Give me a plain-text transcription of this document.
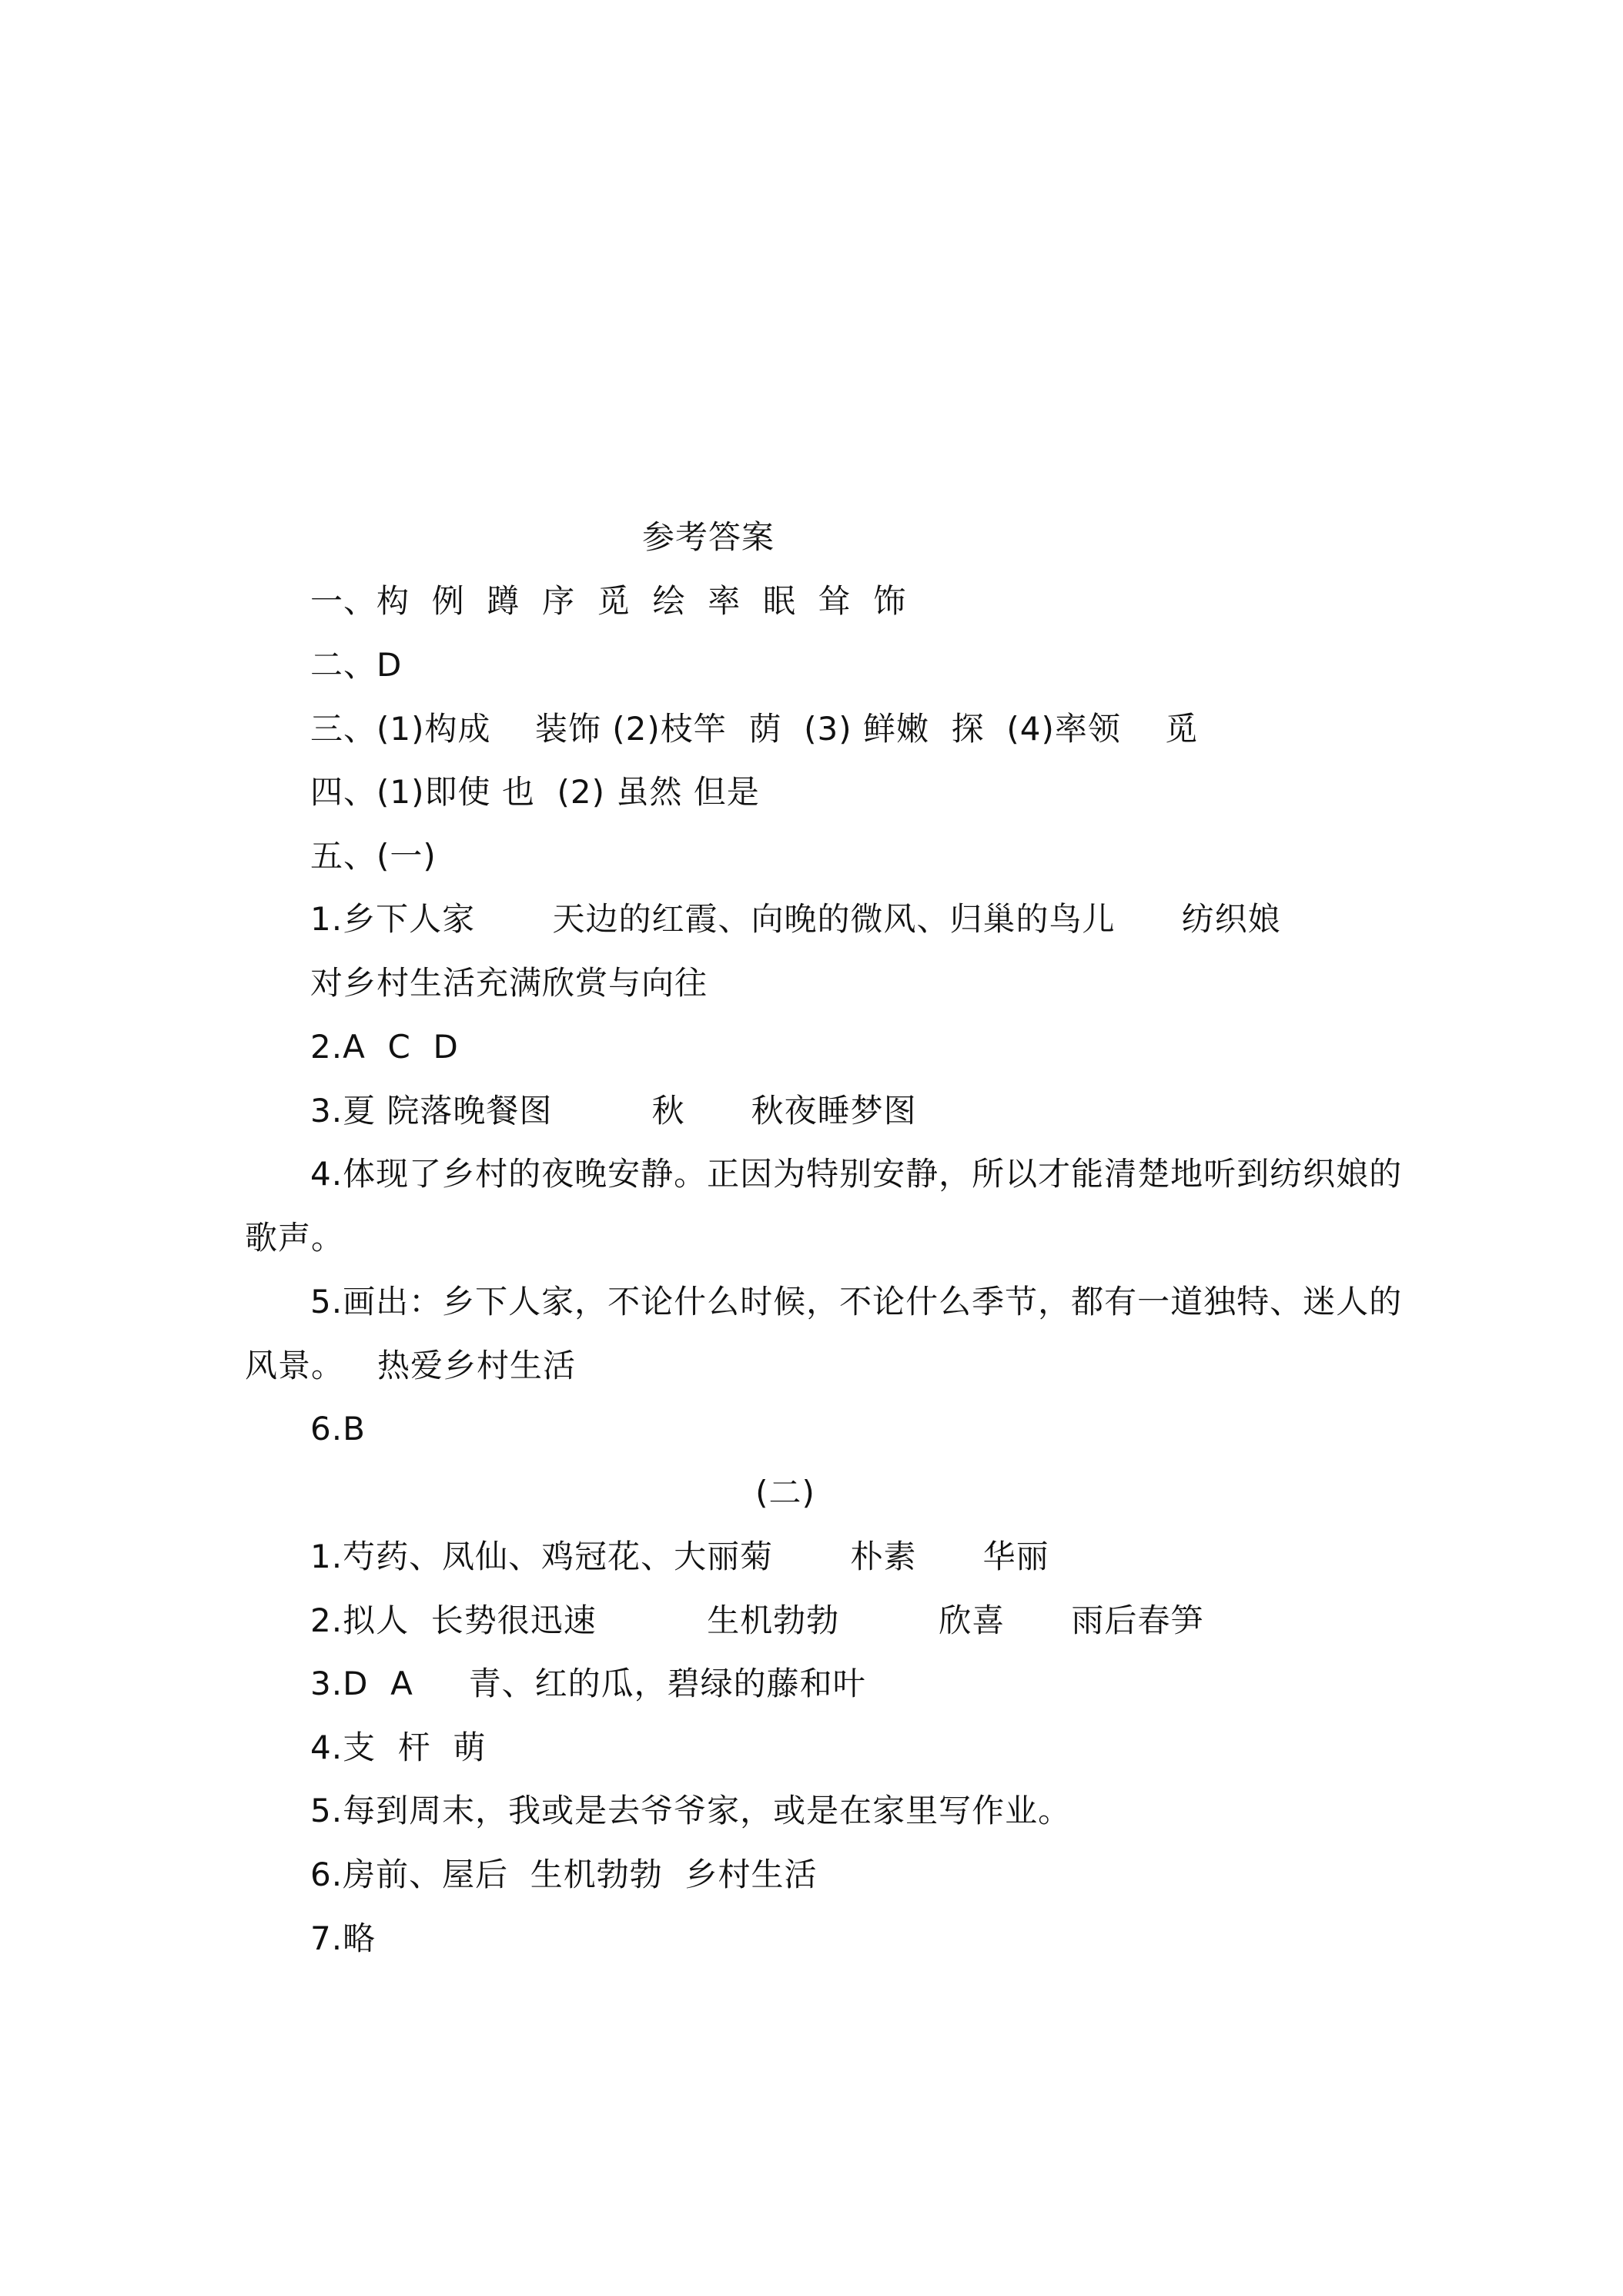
参考答案
一、构  例  蹲  序  觅  绘  率  眠  耸  饰
二、D
三、(1)构成    装饰 (2)枝竿  荫  (3) 鲜嫩  探  (4)率领    觅
四、(1)即使 也  (2) 虽然 但是
五、(一)
1.乡下人家       天边的红霞、向晚的微风、归巢的鸟儿      纺织娘
对乡村生活充满欣赏与向往
2.A  C  D
3.夏 院落晚餐图         秋      秋夜睡梦图
4.体现了乡村的夜晚安静。正因为特别安静，所以才能清楚地听到纺织娘的
歌声。
5.画出：乡下人家，不论什么时候，不论什么季节，都有一道独特、迷人的
风景。   热爱乡村生活
6.B
(二)
1.芍药、凤仙、鸡冠花、大丽菊       朴素      华丽
2.拟人  长势很迅速          生机勃勃         欣喜      雨后春笋
3.D  A     青、红的瓜，碧绿的藤和叶
4.支  杆  萌
5.每到周末，我或是去爷爷家，或是在家里写作业。
6.房前、屋后  生机勃勃  乡村生活
7.略
